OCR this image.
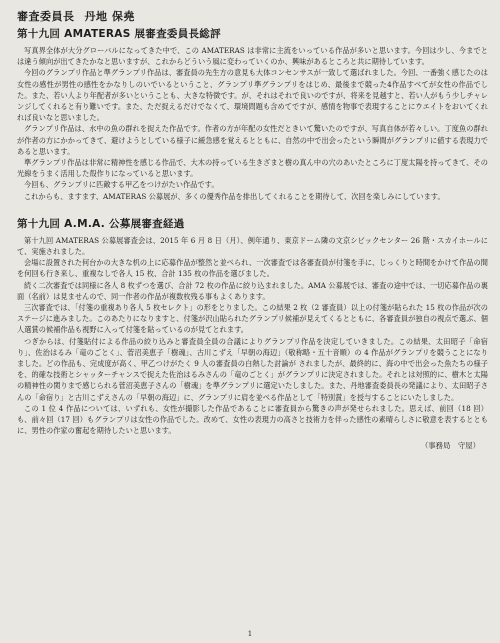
審査委員長 丹地 保堯
第十九回 AMATERAS 展審査委員長総評

写真界全体が大分グローバルになってきた中で、この AMATERAS は非常に主流をいっている作品が多いと思います。今回は少し、今までとは違う傾向が出てきたかなと思いますが、これからどういう風に変わっていくのか、興味があるところと共に期待しています。

今回のグランプリ作品と準グランプリ作品は、審査員の先生方の意見も大体コンセンサスが一致して選ばれました。今回、一番強く感じたのは女性の感性が男性の感性をかなりしのいでいるということ、グランプリ準グランプリをはじめ、最後まで競った4作品すべてが女性の作品でした。また、若い人より年配者が多いということも、大きな特徴です。が、それはそれで良いのですが、将来を見越すと、若い人がもう少しチャレンジしてくれると有り難いです。また、ただ捉えるだけでなくて、環境問題も含めてですが、感情を物事で表現することにウエイトをおいてくれれば良いなと思いました。

グランプリ作品は、水中の魚の群れを捉えた作品です。作者の方が年配の女性だときいて驚いたのですが、写真自体が若々しい。丁度魚の群れが作者の方にかかってきて、避けようとしている様子に緩急感を覚えるとともに、自然の中で出会ったという瞬間がグランプリに値する表現力であると思います。

準グランプリ作品は非常に精神性を感じる作品で、大木の持っている生きざまと樹の真ん中の穴のあいたところに丁度太陽を持ってきて、その光線をうまく活用した殻作りになっていると思います。

今回も、グランプリに匹敵する甲乙をつけがたい作品です。

これからも、ますます、AMATERAS 公募展が、多くの優秀作品を排出してくれることを期待して、次回を楽しみにしています。

第十九回 A.M.A. 公募展審査経過

第十九回 AMATERAS 公募展審査会は、2015 年 6 月 8 日（月）、例年通り、東京ドーム隣の文京シビックセンター 26 階・スカイホールにて、実施されました。

会場に設置された何台かの大きな机の上に応募作品が整然と並べられ、一次審査では各審査員が付箋を手に、じっくりと時間をかけて作品の間を何回も行き来し、重複なしで各人 15 枚、合計 135 枚の作品を選びました。

続く二次審査では同様に各人 8 枚ずつを選び、合計 72 枚の作品に絞り込まれました。AMA 公募展では、審査の途中では、一切応募作品の裏面（名前）は見ませんので、同一作者の作品が複数枚残る事もよくあります。

三次審査では、「付箋の重複あり各人 5 枚セレクト」の形をとりました。この結果 2 枚（2 審査員）以上の付箋が貼られた 15 枚の作品が次のステージに進みました。このあたりになりますと、付箋が沢山貼られたグランプリ候補が見えてくるとともに、各審査員が独自の視点で選ぶ、個人選賞の候補作品も視野に入って付箋を貼っているのが見てとれます。

つぎからは、付箋貼付による作品の絞り込みと審査員全員の合議によりグランプリ作品を決定していきました。この結果、太田昭子「命宿り」、佐治はるみ「竜のごとく」、菅沼美恵子「樹魂」、古川こずえ「早朝の海辺」（敬称略・五十音順）の 4 作品がグランプリを競うことになりました。どの作品も、完成度が高く、甲乙つけがたく 9 人の審査員の白熱した討論が されましたが、最終的に、海の中で出会った魚たちの様子を、的確な技術とシャッターチャンスで捉えた佐治はるみさんの「竜のごとく」がグランプリに決定されました。それとは対照的に、樹木と太陽の精神性の関りまで感じられる菅沼美恵子さんの「樹魂」を準グランプリに選定いたしました。また、丹地審査委員長の発議により、太田昭子さんの「命宿り」と古川こずえさんの「早朝の海辺」に、グランプリに肩を並べる作品として「特別賞」を授与することにいたしました。

この 1 位 4 作品については、いずれも、女性が撮影した作品であることに審査員から驚きの声が発せられました。思えば、前回（18 回）も、前々回（17 回）もグランプリは女性の作品でした。改めて、女性の表現力の高さと技術力を伴った感性の素晴らしさに敬意を表するとともに、男性の作家の奮起を期待したいと思います。

（事務局　守屋）
1
